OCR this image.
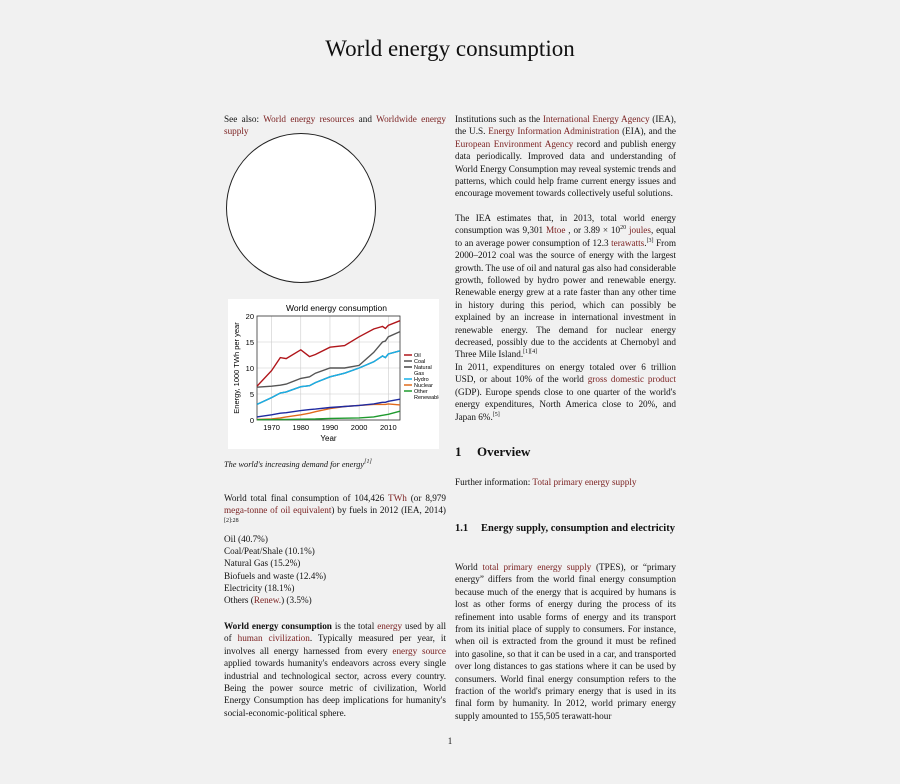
World energy consumption
See also: World energy resources and Worldwide energy supply
World energy consumption
0
5
10
15
20
1970 1980 1990 2000 2010
Year
Energy, 1000 TWh per year	Oil
Coal
Natural
Gas
Hydro
Nuclear
Other
Renewable
The world's increasing demand for energy[1]
World total final consumption of 104,426 TWh (or 8,979 mega-tonne of oil equivalent) by fuels in 2012 (IEA, 2014)$^{[2]:28}$
Oil (40.7%)
Coal/Peat/Shale (10.1%)
Natural Gas (15.2%)
Biofuels and waste (12.4%)
Electricity (18.1%)
Others (Renew.) (3.5%)
World energy consumption is the total energy used by all of human civilization. Typically measured per year, it involves all energy harnessed from every energy source applied towards humanity's endeavors across every single industrial and technological sector, across every country. Being the power source metric of civilization, World Energy Consumption has deep implications for humanity's social-economic-political sphere.
Institutions such as the International Energy Agency (IEA), the U.S. Energy Information Administration (EIA), and the European Environment Agency record and publish energy data periodically. Improved data and understanding of World Energy Consumption may reveal systemic trends and patterns, which could help frame current energy issues and encourage movement towards collectively useful solutions.
The IEA estimates that, in 2013, total world energy consumption was 9,301 Mtoe , or $3.89 \times 10^{20}$ joules, equal to an average power consumption of 12.3 terawatts.[3] From 2000–2012 coal was the source of energy with the largest growth. The use of oil and natural gas also had considerable growth, followed by hydro power and renewable energy. Renewable energy grew at a rate faster than any other time in history during this period, which can possibly be explained by an increase in international investment in renewable energy. The demand for nuclear energy decreased, possibly due to the accidents at Chernobyl and Three Mile Island.[1][4]
In 2011, expenditures on energy totaled over 6 trillion USD, or about 10% of the world gross domestic product (GDP). Europe spends close to one quarter of the world's energy expenditures, North America close to 20%, and Japan 6%.[5]
1 Overview
Further information: Total primary energy supply
1.1 Energy supply, consumption and electricity
World total primary energy supply (TPES), or “primary energy” differs from the world final energy consumption because much of the energy that is acquired by humans is lost as other forms of energy during the process of its refinement into usable forms of energy and its transport from its initial place of supply to consumers. For instance, when oil is extracted from the ground it must be refined into gasoline, so that it can be used in a car, and transported over long distances to gas stations where it can be used by consumers. World final energy consumption refers to the fraction of the world's primary energy that is used in its final form by humanity. In 2012, world primary energy supply amounted to 155,505 terawatt-hour
1
